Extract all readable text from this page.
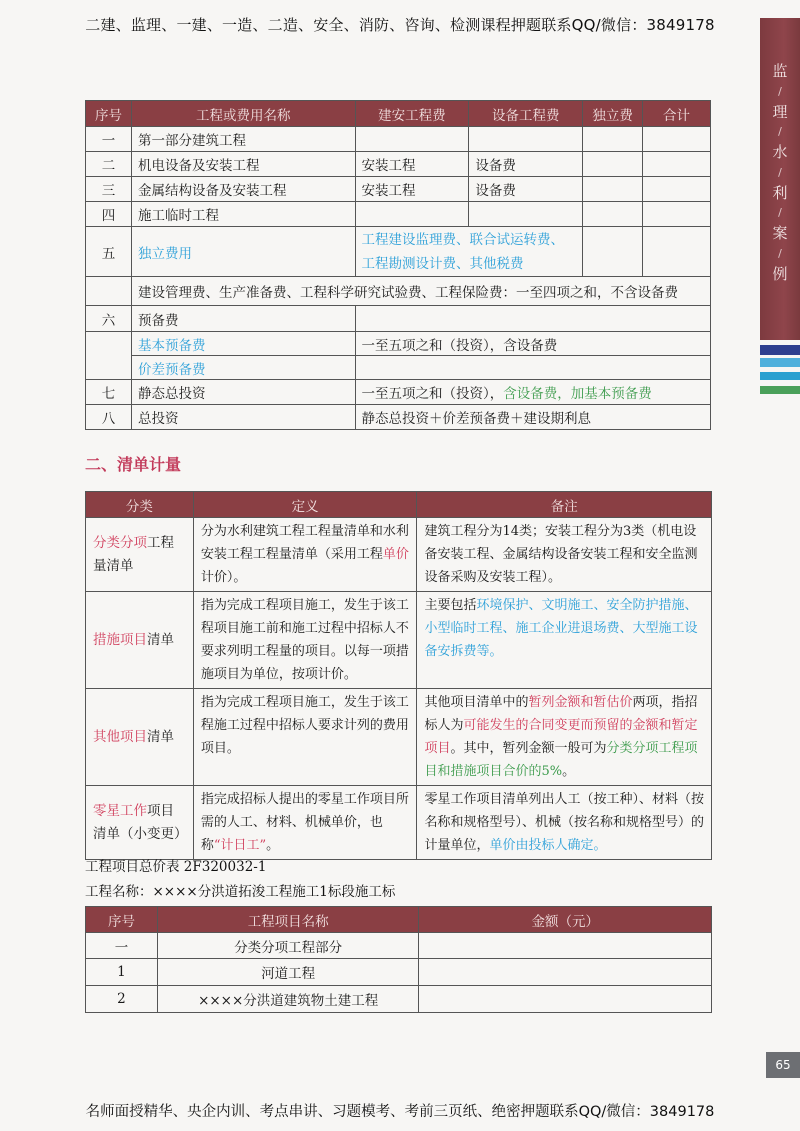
二建、监理、一建、一造、二造、安全、消防、咨询、检测课程押题联系QQ/微信：3849178
监
/
理
/
水
/
利
/
案
/
例
序号	工程或费用名称	建安工程费	设备工程费	独立费	合计
一	第一部分建筑工程				
二	机电设备及安装工程	安装工程	设备费		
三	金属结构设备及安装工程	安装工程	设备费		
四	施工临时工程				
五	独立费用	工程建设监理费、联合试运转费、
工程勘测设计费、其他税费			

	建设管理费、生产准备费、工程科学研究试验费、工程保险费：一至四项之和，不含设备费				
六	预备费				
	基本预备费	一至五项之和（投资），含设备费			
	价差预备费				
七	静态总投资	一至五项之和（投资），含设备费，加基本预备费			
八	总投资	静态总投资＋价差预备费＋建设期利息			
二、清单计量
分类	定义	备注
分类分项工程量清单	分为水利建筑工程工程量清单和水利安装工程工程量清单（采用工程单价计价）。	建筑工程分为14类；安装工程分为3类（机电设备安装工程、金属结构设备安装工程和安全监测设备采购及安装工程）。
措施项目清单	指为完成工程项目施工，发生于该工程项目施工前和施工过程中招标人不要求列明工程量的项目。以每一项措施项目为单位，按项计价。	主要包括环境保护、文明施工、安全防护措施、小型临时工程、施工企业进退场费、大型施工设备安拆费等。
其他项目清单	指为完成工程项目施工，发生于该工程施工过程中招标人要求计列的费用项目。	其他项目清单中的暂列金额和暂估价两项，指招标人为可能发生的合同变更而预留的金额和暂定项目。其中，暂列金额一般可为分类分项工程项目和措施项目合价的5%。
零星工作项目清单（小变更）	指完成招标人提出的零星工作项目所需的人工、材料、机械单价，也称“计日工”。	零星工作项目清单列出人工（按工种）、材料（按名称和规格型号）、机械（按名称和规格型号）的计量单位，单价由投标人确定。
工程项目总价表 2F320032-1
工程名称：××××分洪道拓浚工程施工1标段施工标
序号	工程项目名称	金额（元）
一	分类分项工程部分	
1	河道工程	
2	××××分洪道建筑物土建工程	
65
名师面授精华、央企内训、考点串讲、习题模考、考前三页纸、绝密押题联系QQ/微信：3849178
